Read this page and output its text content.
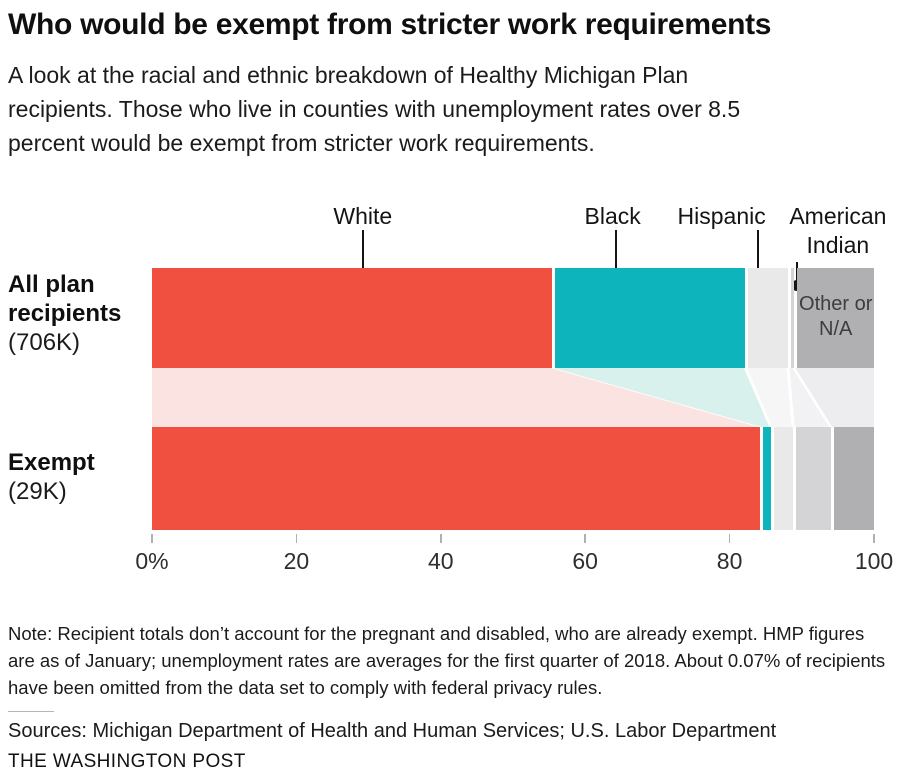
Who would be exempt from stricter work requirements
A look at the racial and ethnic breakdown of Healthy Michigan Plan recipients. Those who live in counties with unemployment rates over 8.5 percent would be exempt from stricter work requirements.
All plan recipients
(706K)
Exempt
(29K)
White	Black Hispanic	American Indian
Other or N/A
0%	20	40	60	80	100
Note: Recipient totals don’t account for the pregnant and disabled, who are already exempt. HMP figures are as of January; unemployment rates are averages for the first quarter of 2018. About 0.07% of recipients have been omitted from the data set to comply with federal privacy rules.
Sources: Michigan Department of Health and Human Services; U.S. Labor Department
THE WASHINGTON POST
